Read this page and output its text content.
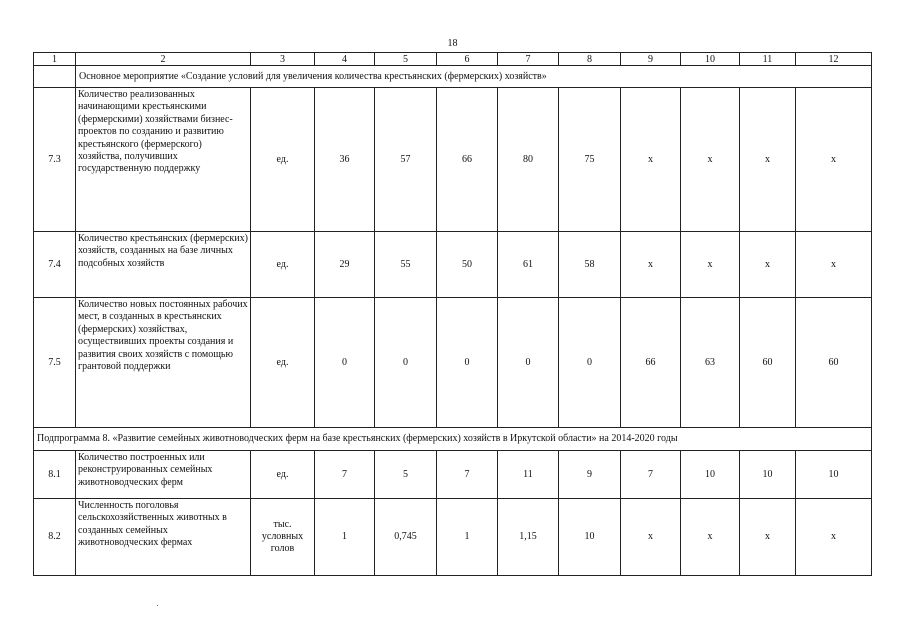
18
1	2	3	4	5	6	7	8	9	10	11	12
	Основное мероприятие «Создание условий для увеличения количества крестьянских (фермерских) хозяйств»										
7.3	Количество реализованных начинающими крестьянскими (фермерскими) хозяйствами бизнес-проектов по созданию и развитию крестьянского (фермерского) хозяйства, получивших государственную поддержку	ед.	36	57	66	80	75	х	х	х	х
7.4	Количество крестьянских (фермерских) хозяйств, созданных на базе личных подсобных хозяйств	ед.	29	55	50	61	58	х	х	х	х
7.5	Количество новых постоянных рабочих мест, в созданных в крестьянских (фермерских) хозяйствах, осуществивших проекты создания и развития своих хозяйств с помощью грантовой поддержки	ед.	0	0	0	0	0	66	63	60	60
Подпрограмма 8. «Развитие семейных животноводческих ферм на базе крестьянских (фермерских) хозяйств в Иркутской области» на 2014-2020 годы											
8.1	Количество построенных или реконструированных семейных животноводческих ферм	ед.	7	5	7	11	9	7	10	10	10
8.2	Численность поголовья сельскохозяйственных животных в созданных семейных животноводческих фермах	тыс. условных голов	1	0,745	1	1,15	10	х	х	х	х
